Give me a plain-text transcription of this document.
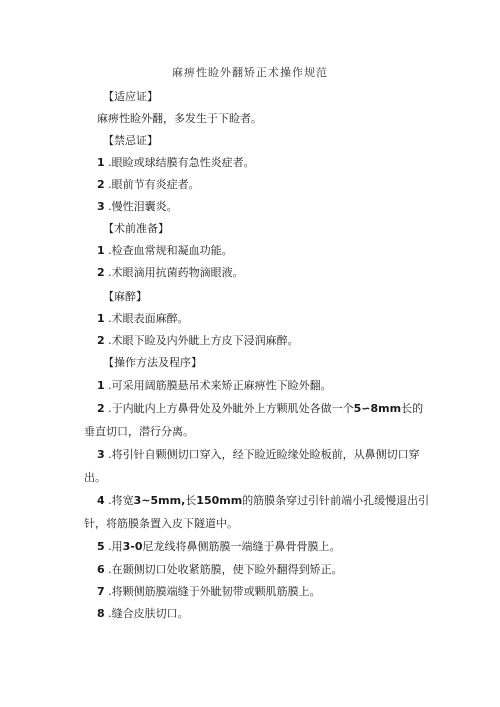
麻痹性睑外翻矫正术操作规范
【适应证】
麻痹性睑外翻，多发生于下睑者。
【禁忌证】
1 .眼睑或球结膜有急性炎症者。
2 .眼前节有炎症者。
3 .慢性泪囊炎。
【术前准备】
1 .检查血常规和凝血功能。
2 .术眼滴用抗菌药物滴眼液。
【麻醉】
1 .术眼表面麻醉。
2 .术眼下睑及内外眦上方皮下浸润麻醉。
【操作方法及程序】
1 .可采用阔筋膜悬吊术来矫正麻痹性下睑外翻。
2 .于内眦内上方鼻骨处及外眦外上方颗肌处各做一个5∽8mm长的垂直切口，潜行分离。
3 .将引针自颗侧切口穿入，经下睑近睑缘处睑板前，从鼻侧切口穿出。
4 .将宽3~5mm,长150mm的筋膜条穿过引针前端小孔缓慢退出引针，将筋膜条置入皮下隧道中。
5 .用3-0尼龙线将鼻侧筋膜一端缝于鼻骨骨膜上。
6 .在颞侧切口处收紧筋膜，使下睑外翻得到矫正。
7 .将颗侧筋膜端缝于外眦韧带或颗肌筋膜上。
8 .缝合皮肤切口。
